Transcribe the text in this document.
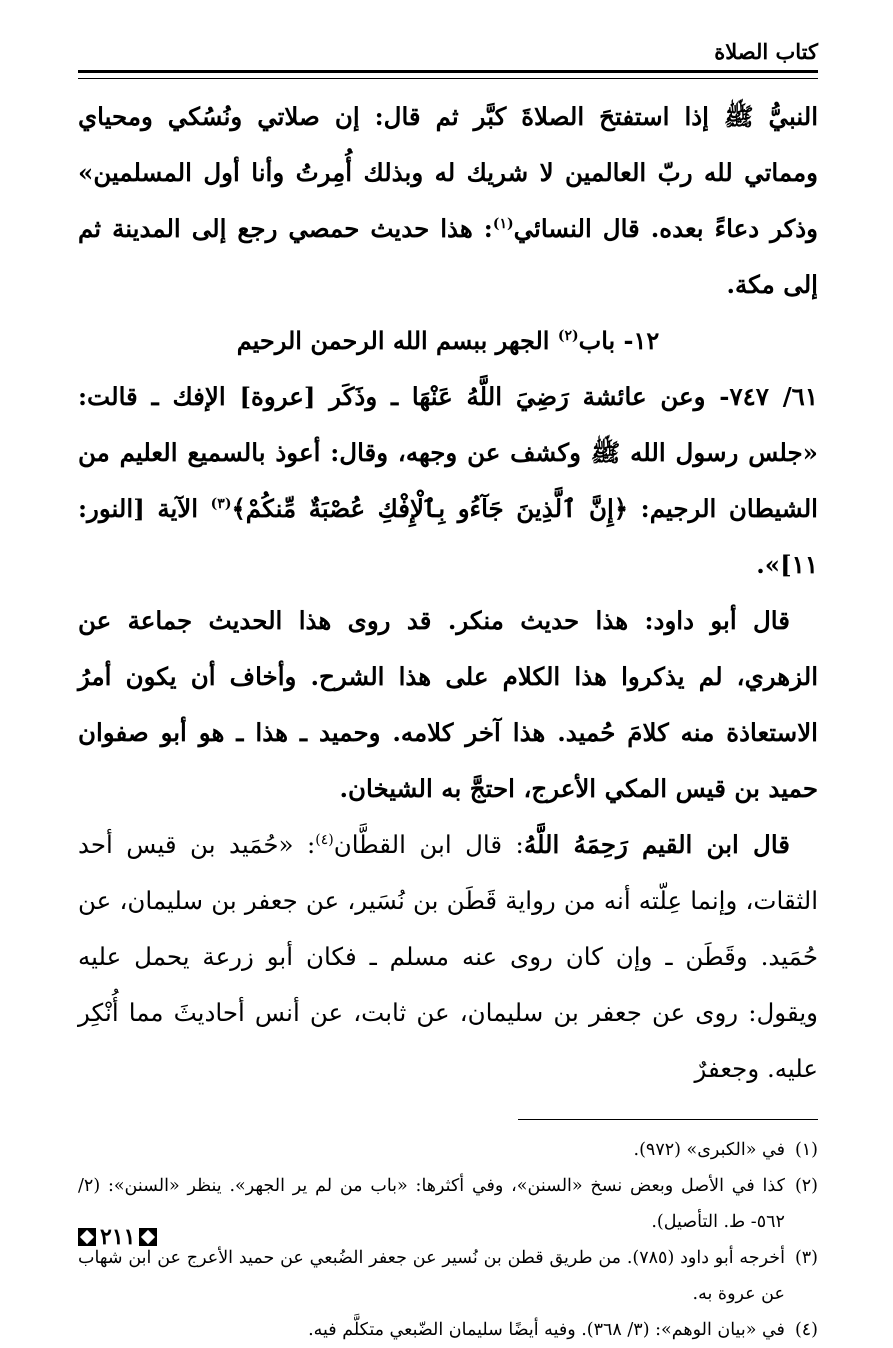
كتاب الصلاة

النبيُّ ﷺ إذا استفتحَ الصلاةَ كبَّر ثم قال: إن صلاتي ونُسُكي ومحياي ومماتي لله ربّ العالمين لا شريك له وبذلك أُمِرتُ وأنا أول المسلمين» وذكر دعاءً بعده. قال النسائي$^{(١)}$: هذا حديث حمصي رجع إلى المدينة ثم إلى مكة.

١٢- باب$^{(٢)}$ الجهر ببسم الله الرحمن الرحيم

٦١/ ٧٤٧- وعن عائشة رَضِيَ اللَّهُ عَنْهَا ـ وذَكَر [عروة] الإفك ـ قالت: «جلس رسول الله ﷺ وكشف عن وجهه، وقال: أعوذ بالسميع العليم من الشيطان الرجيم: ﴿إِنَّ ٱلَّذِينَ جَآءُو بِٱلْإِفْكِ عُصْبَةٌ مِّنكُمْ﴾$^{(٣)}$ الآية [النور: ١١]».

قال أبو داود: هذا حديث منكر. قد روى هذا الحديث جماعة عن الزهري، لم يذكروا هذا الكلام على هذا الشرح. وأخاف أن يكون أمرُ الاستعاذة منه كلامَ حُميد. هذا آخر كلامه. وحميد ـ هذا ـ هو أبو صفوان حميد بن قيس المكي الأعرج، احتجَّ به الشيخان.

قال ابن القيم رَحِمَهُ اللَّهُ: قال ابن القطَّان$^{(٤)}$: «حُمَيد بن قيس أحد الثقات، وإنما عِلّته أنه من رواية قَطَن بن نُسَير، عن جعفر بن سليمان، عن حُمَيد. وقَطَن ـ وإن كان روى عنه مسلم ـ فكان أبو زرعة يحمل عليه ويقول: روى عن جعفر بن سليمان، عن ثابت، عن أنس أحاديثَ مما أُنْكِر عليه. وجعفرٌ

(١)
في «الكبرى» (٩٧٢).

(٢)
كذا في الأصل وبعض نسخ «السنن»، وفي أكثرها: «باب من لم ير الجهر». ينظر «السنن»: (٢/ ٥٦٢- ط. التأصيل).

(٣)
أخرجه أبو داود (٧٨٥). من طريق قطن بن نُسير عن جعفر الضُبعي عن حميد الأعرج عن ابن شهاب عن عروة به.

(٤)
في «بيان الوهم»: (٣/ ٣٦٨). وفيه أيضًا سليمان الضّبعي متكلَّم فيه.

٢١١
